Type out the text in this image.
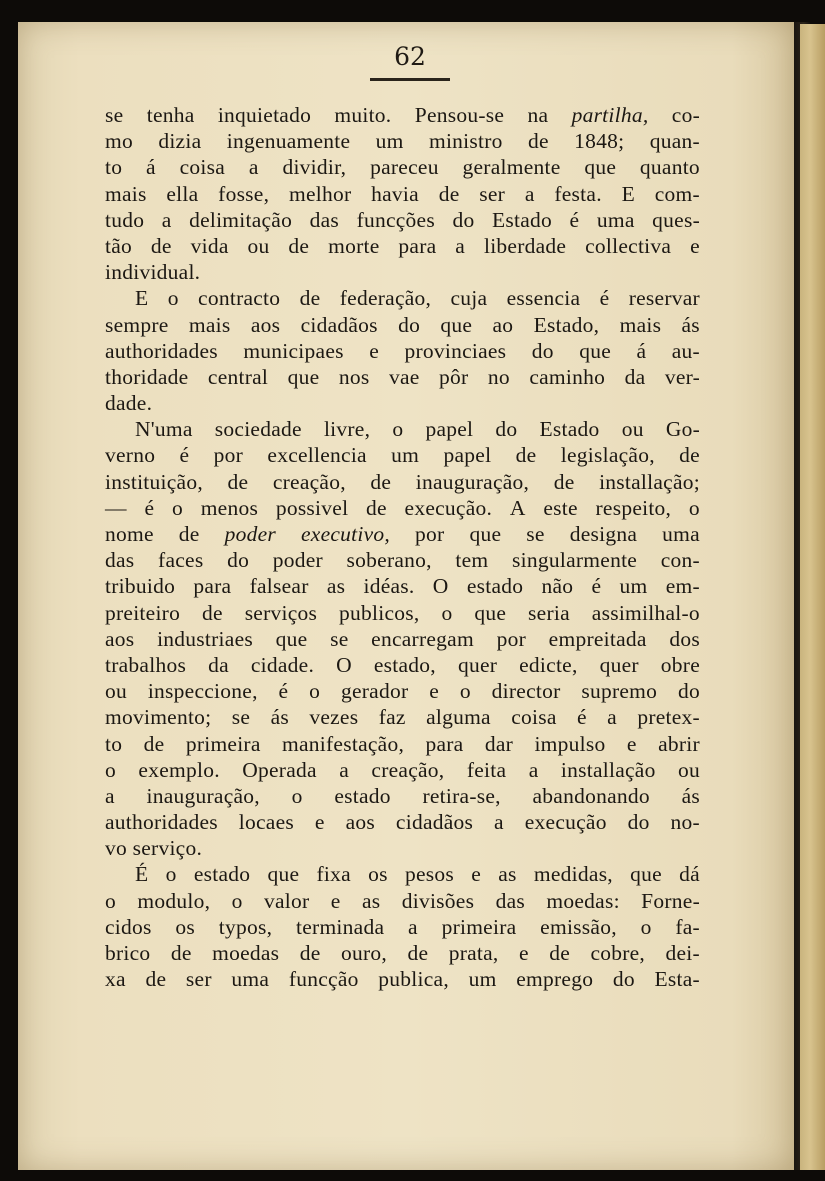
62
se tenha inquietado muito. Pensou-se na partilha, co-
mo dizia ingenuamente um ministro de 1848; quan-
to á coisa a dividir, pareceu geralmente que quanto
mais ella fosse, melhor havia de ser a festa. E com-
tudo a delimitação das funcções do Estado é uma ques-
tão de vida ou de morte para a liberdade collectiva e
individual.
E o contracto de federação, cuja essencia é reservar
sempre mais aos cidadãos do que ao Estado, mais ás
authoridades municipaes e provinciaes do que á au-
thoridade central que nos vae pôr no caminho da ver-
dade.
N'uma sociedade livre, o papel do Estado ou Go-
verno é por excellencia um papel de legislação, de
instituição, de creação, de inauguração, de installação;
— é o menos possivel de execução. A este respeito, o
nome de poder executivo, por que se designa uma
das faces do poder soberano, tem singularmente con-
tribuido para falsear as idéas. O estado não é um em-
preiteiro de serviços publicos, o que seria assimilhal-o
aos industriaes que se encarregam por empreitada dos
trabalhos da cidade. O estado, quer edicte, quer obre
ou inspeccione, é o gerador e o director supremo do
movimento; se ás vezes faz alguma coisa é a pretex-
to de primeira manifestação, para dar impulso e abrir
o exemplo. Operada a creação, feita a installação ou
a inauguração, o estado retira-se, abandonando ás
authoridades locaes e aos cidadãos a execução do no-
vo
serviço.
É o estado que fixa os pesos e as medidas, que dá
o modulo, o valor e as divisões das moedas: Forne-
cidos os typos, terminada a primeira emissão, o fa-
brico de moedas de ouro, de prata, e de cobre, dei-
xa de ser uma funcção publica, um emprego do Esta-
